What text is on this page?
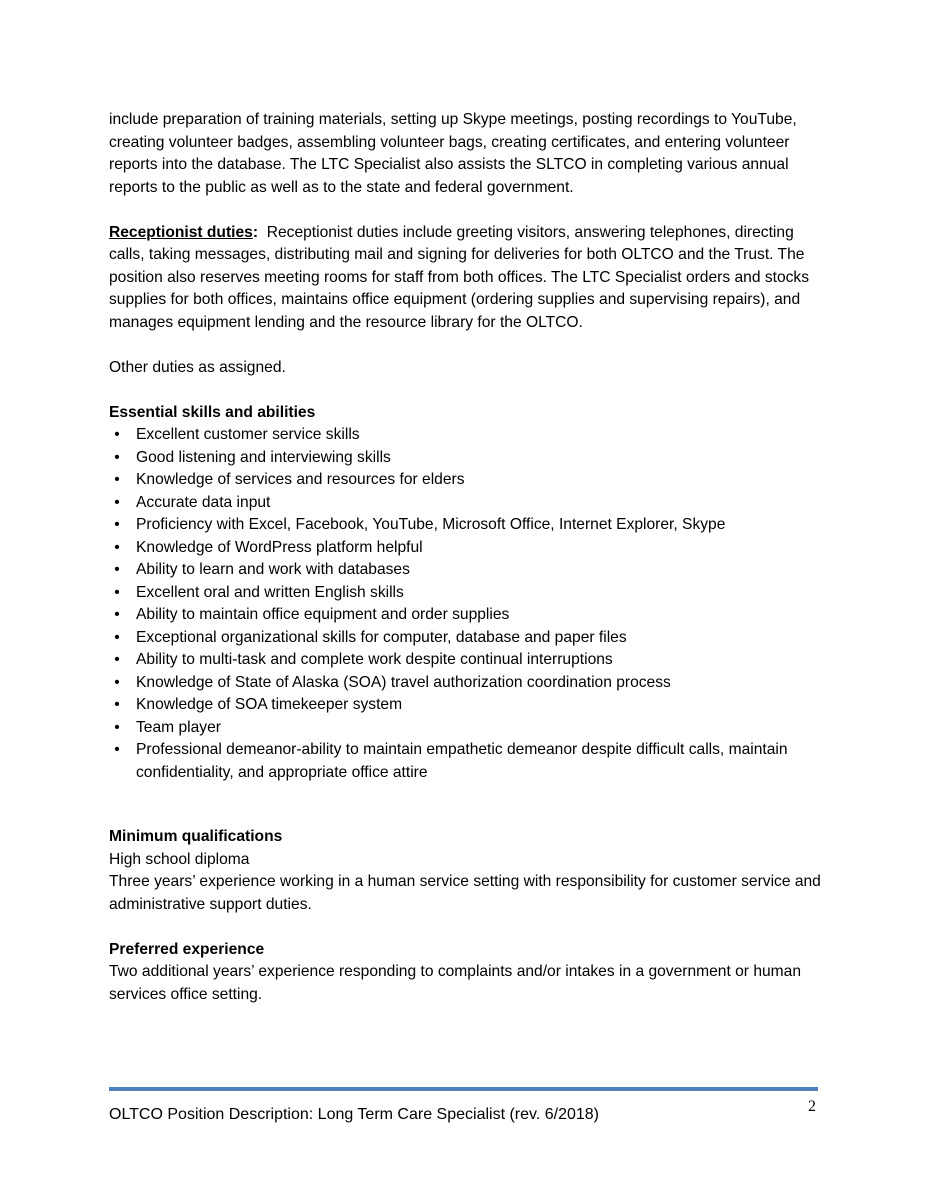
include preparation of training materials, setting up Skype meetings, posting recordings to YouTube, creating volunteer badges, assembling volunteer bags, creating certificates, and entering volunteer reports into the database. The LTC Specialist also assists the SLTCO in completing various annual reports to the public as well as to the state and federal government.

Receptionist duties: Receptionist duties include greeting visitors, answering telephones, directing calls, taking messages, distributing mail and signing for deliveries for both OLTCO and the Trust. The position also reserves meeting rooms for staff from both offices. The LTC Specialist orders and stocks supplies for both offices, maintains office equipment (ordering supplies and supervising repairs), and manages equipment lending and the resource library for the OLTCO.

Other duties as assigned.

Essential skills and abilities

• Excellent customer service skills
• Good listening and interviewing skills
• Knowledge of services and resources for elders
• Accurate data input
• Proficiency with Excel, Facebook, YouTube, Microsoft Office, Internet Explorer, Skype
• Knowledge of WordPress platform helpful
• Ability to learn and work with databases
• Excellent oral and written English skills
• Ability to maintain office equipment and order supplies
• Exceptional organizational skills for computer, database and paper files
• Ability to multi-task and complete work despite continual interruptions
• Knowledge of State of Alaska (SOA) travel authorization coordination process
• Knowledge of SOA timekeeper system
• Team player
• Professional demeanor-ability to maintain empathetic demeanor despite difficult calls, maintain confidentiality, and appropriate office attire

Minimum qualifications

High school diploma

Three years’ experience working in a human service setting with responsibility for customer service and administrative support duties.

Preferred experience

Two additional years’ experience responding to complaints and/or intakes in a government or human services office setting.

OLTCO Position Description: Long Term Care Specialist (rev. 6/2018)	2
